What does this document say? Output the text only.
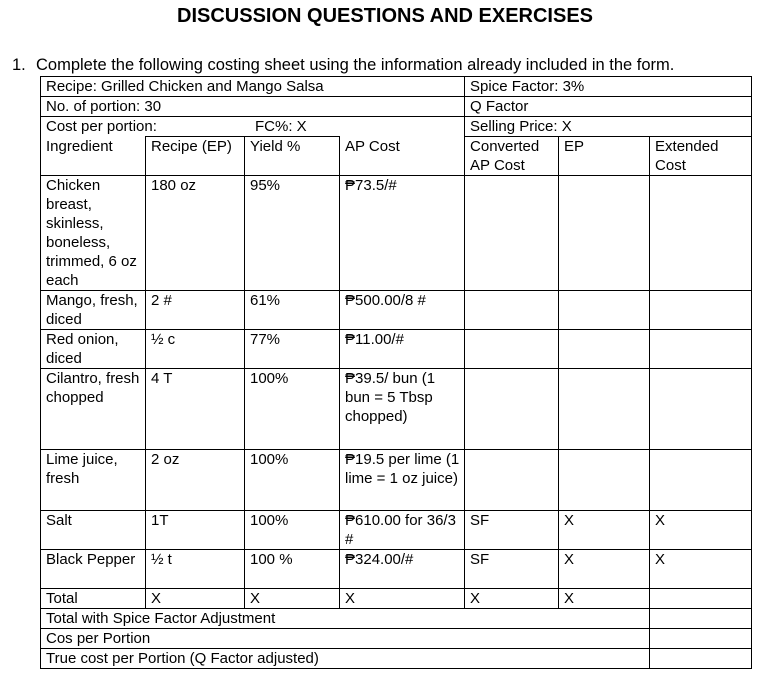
DISCUSSION QUESTIONS AND EXERCISES
1. Complete the following costing sheet using the information already included in the form.
Recipe: Grilled Chicken and Mango Salsa				Spice Factor: 3%		
No. of portion: 30				Q Factor		

Cost per portion: FC%: X				Selling Price: X		
Ingredient	Recipe (EP)	Yield %	AP Cost	Converted AP Cost	EP	Extended Cost
Chicken breast, skinless, boneless, trimmed, 6 oz each	180 oz	95%	₱73.5/#			
Mango, fresh, diced	2 #	61%	₱500.00/8 #			
Red onion, diced	½ c	77%	₱11.00/#			
Cilantro, fresh chopped	4 T	100%	₱39.5/ bun (1 bun = 5 Tbsp chopped)			
Lime juice, fresh	2 oz	100%	₱19.5 per lime (1 lime = 1 oz juice)			
Salt	1T	100%	₱610.00 for 36/3 #	SF	X	X
Black Pepper	½ t	100 %	₱324.00/#	SF	X	X
Total	X	X	X	X	X	
Total with Spice Factor Adjustment						
Cos per Portion						
True cost per Portion (Q Factor adjusted)						
